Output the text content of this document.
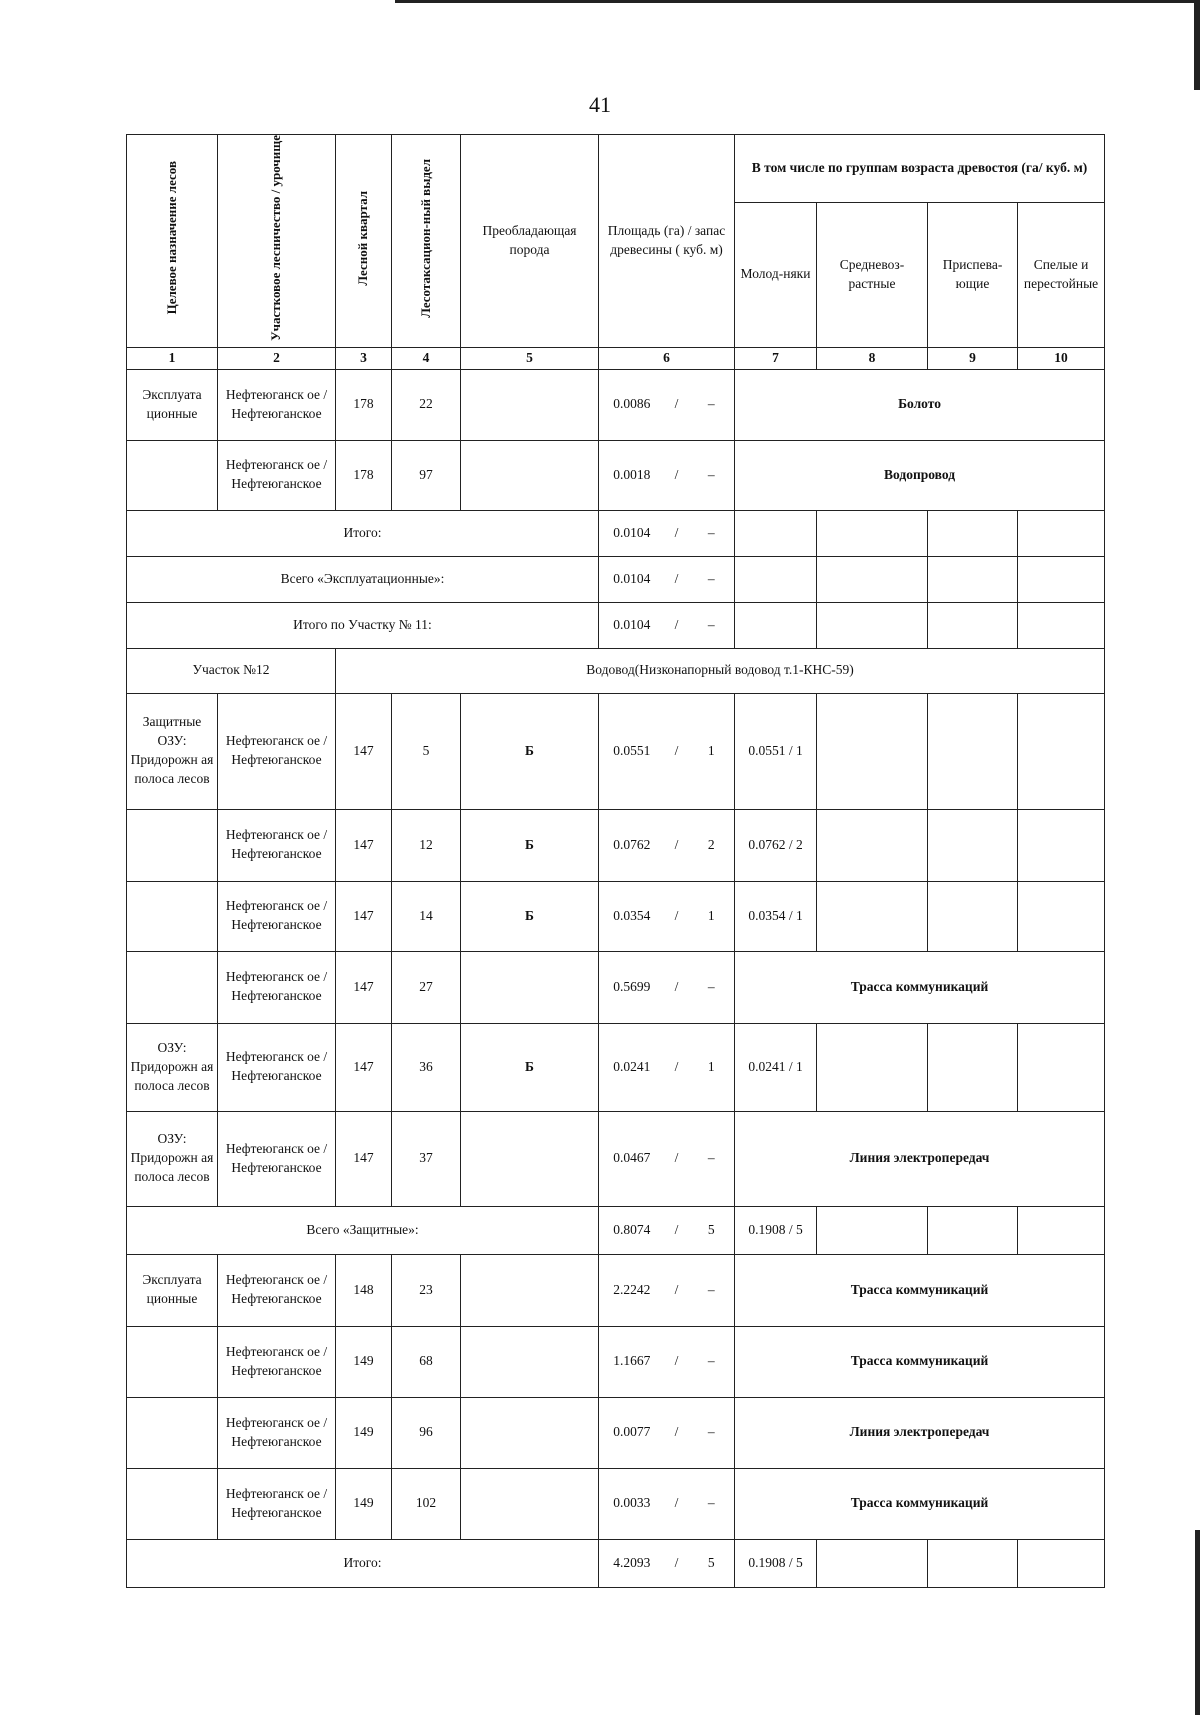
41
Целевое назначение лесов	Участковое лесничество / урочище	Лесной квартал	Лесотаксацион-ный выдел	Преобладающая порода	Площадь (га) / запас древесины ( куб. м)			В том числе по группам возраста древостоя (га/ куб. м)			
								Молод-няки	Средневоз-растные	Приспева-ющие	Спелые и перестойные
1	2	3	4	5	6			7	8	9	10
Эксплуата ционные	Нефтеюганск ое / Нефтеюганское	178	22		0.0086	/	–	Болото			
	Нефтеюганск ое / Нефтеюганское	178	97		0.0018	/	–	Водопровод			
Итого:					0.0104	/	–				
Всего «Эксплуатационные»:					0.0104	/	–				
Итого по Участку № 11:					0.0104	/	–				
Участок №12		Водовод(Низконапорный водовод т.1-КНС-59)									
Защитные ОЗУ: Придорожн ая полоса лесов	Нефтеюганск ое / Нефтеюганское	147	5	Б	0.0551	/	1	0.0551 / 1			
	Нефтеюганск ое / Нефтеюганское	147	12	Б	0.0762	/	2	0.0762 / 2			
	Нефтеюганск ое / Нефтеюганское	147	14	Б	0.0354	/	1	0.0354 / 1			
	Нефтеюганск ое / Нефтеюганское	147	27		0.5699	/	–	Трасса коммуникаций			
ОЗУ: Придорожн ая полоса лесов	Нефтеюганск ое / Нефтеюганское	147	36	Б	0.0241	/	1	0.0241 / 1			
ОЗУ: Придорожн ая полоса лесов	Нефтеюганск ое / Нефтеюганское	147	37		0.0467	/	–	Линия электропередач			
Всего «Защитные»:					0.8074	/	5	0.1908 / 5			
Эксплуата ционные	Нефтеюганск ое / Нефтеюганское	148	23		2.2242	/	–	Трасса коммуникаций			
	Нефтеюганск ое / Нефтеюганское	149	68		1.1667	/	–	Трасса коммуникаций			
	Нефтеюганск ое / Нефтеюганское	149	96		0.0077	/	–	Линия электропередач			
	Нефтеюганск ое / Нефтеюганское	149	102		0.0033	/	–	Трасса коммуникаций			
Итого:					4.2093	/	5	0.1908 / 5			
